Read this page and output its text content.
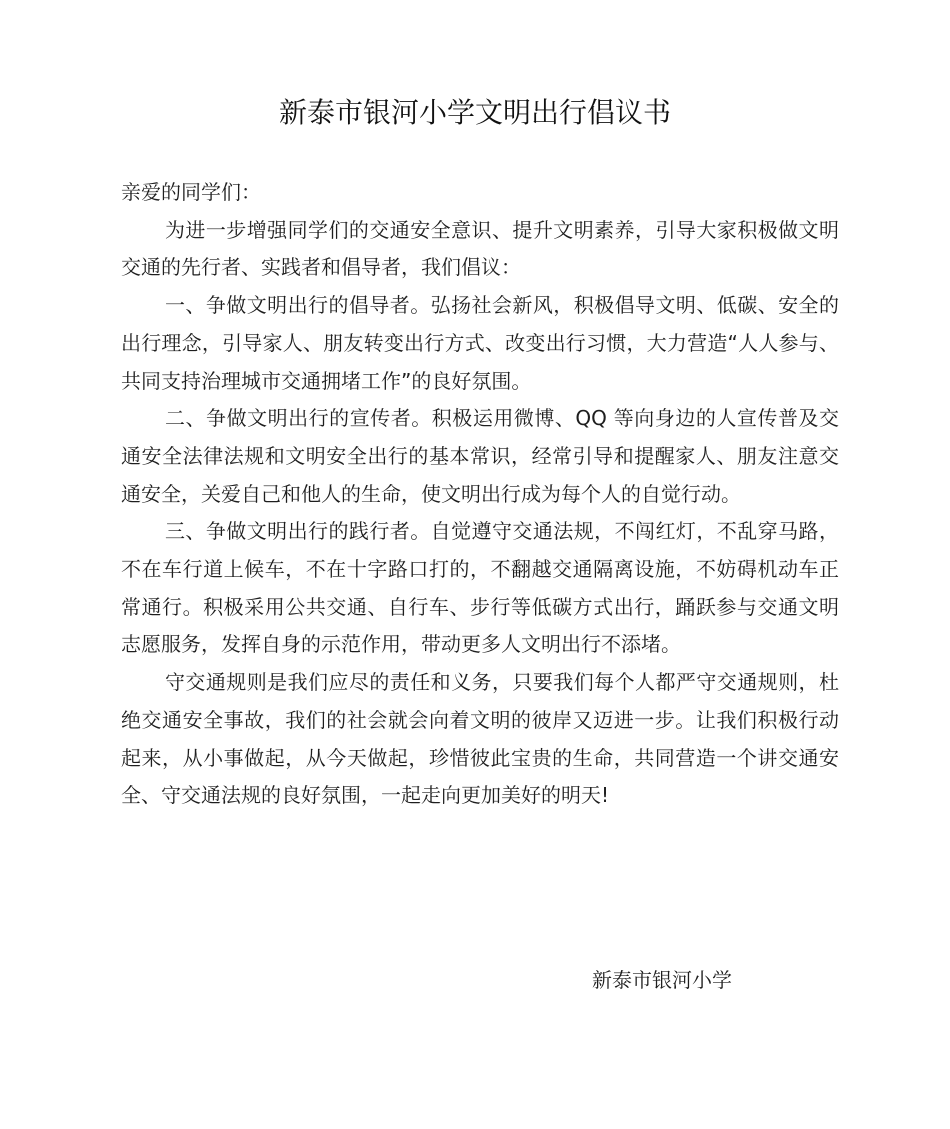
新泰市银河小学文明出行倡议书

亲爱的同学们：

为进一步增强同学们的交通安全意识、提升文明素养，引导大家积极做文明交通的先行者、实践者和倡导者，我们倡议：

一、争做文明出行的倡导者。弘扬社会新风，积极倡导文明、低碳、安全的出行理念，引导家人、朋友转变出行方式、改变出行习惯，大力营造“人人参与、共同支持治理城市交通拥堵工作”的良好氛围。

二、争做文明出行的宣传者。积极运用微博、QQ 等向身边的人宣传普及交通安全法律法规和文明安全出行的基本常识，经常引导和提醒家人、朋友注意交通安全，关爱自己和他人的生命，使文明出行成为每个人的自觉行动。

三、争做文明出行的践行者。自觉遵守交通法规，不闯红灯，不乱穿马路，不在车行道上候车，不在十字路口打的，不翻越交通隔离设施，不妨碍机动车正常通行。积极采用公共交通、自行车、步行等低碳方式出行，踊跃参与交通文明志愿服务，发挥自身的示范作用，带动更多人文明出行不添堵。

守交通规则是我们应尽的责任和义务，只要我们每个人都严守交通规则，杜绝交通安全事故，我们的社会就会向着文明的彼岸又迈进一步。让我们积极行动起来，从小事做起，从今天做起，珍惜彼此宝贵的生命，共同营造一个讲交通安全、守交通法规的良好氛围，一起走向更加美好的明天!

新泰市银河小学
